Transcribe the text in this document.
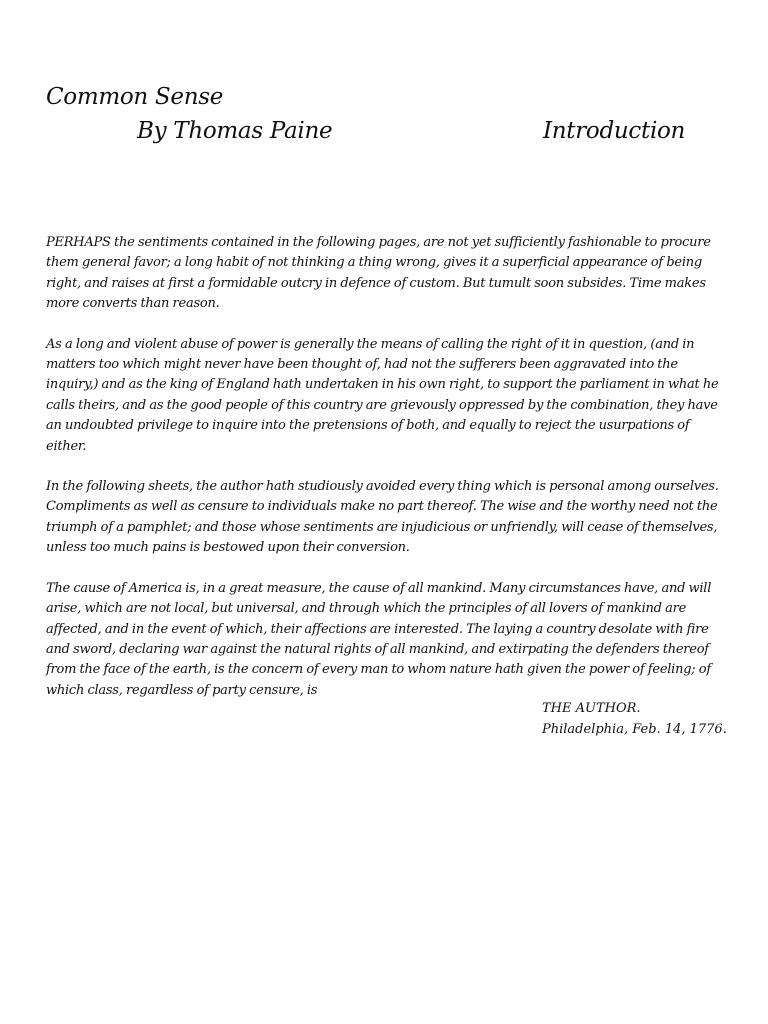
Common Sense
By Thomas Paine	Introduction

PERHAPS the sentiments contained in the following pages, are not yet sufficiently fashionable to procure them general favor; a long habit of not thinking a thing wrong, gives it a superficial appearance of being right, and raises at first a formidable outcry in defence of custom. But tumult soon subsides. Time makes more converts than reason.

As a long and violent abuse of power is generally the means of calling the right of it in question, (and in matters too which might never have been thought of, had not the sufferers been aggravated into the inquiry,) and as the king of England hath undertaken in his own right, to support the parliament in what he calls theirs, and as the good people of this country are grievously oppressed by the combination, they have an undoubted privilege to inquire into the pretensions of both, and equally to reject the usurpations of either.

In the following sheets, the author hath studiously avoided every thing which is personal among ourselves. Compliments as well as censure to individuals make no part thereof. The wise and the worthy need not the triumph of a pamphlet; and those whose sentiments are injudicious or unfriendly, will cease of themselves, unless too much pains is bestowed upon their conversion.

The cause of America is, in a great measure, the cause of all mankind. Many circumstances have, and will arise, which are not local, but universal, and through which the principles of all lovers of mankind are affected, and in the event of which, their affections are interested. The laying a country desolate with fire and sword, declaring war against the natural rights of all mankind, and extirpating the defenders thereof from the face of the earth, is the concern of every man to whom nature hath given the power of feeling; of which class, regardless of party censure, is

THE AUTHOR.
Philadelphia, Feb. 14, 1776.
